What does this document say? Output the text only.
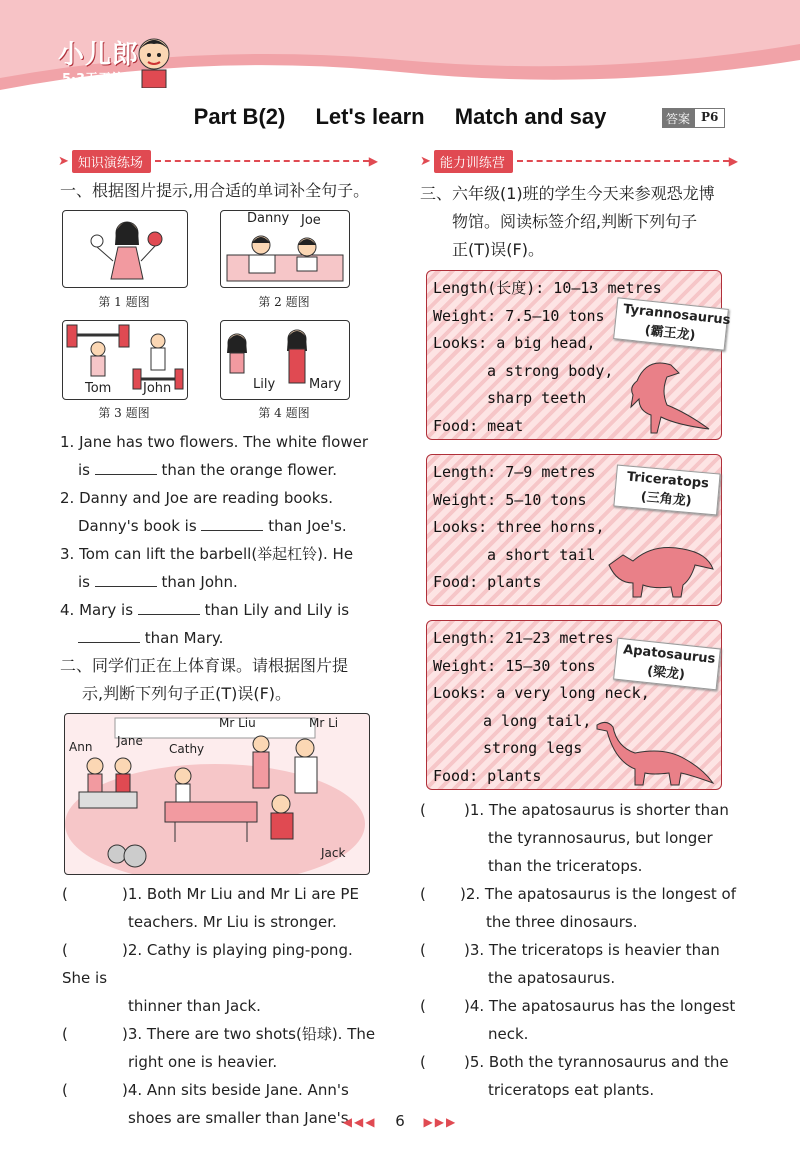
小儿郎
5·3天天练
Part B(2) Let's learn Match and say	答案 P6
➤ 知识演练场	▶
一、根据图片提示,用合适的单词补全句子。
第 1 题图
Danny Joe
第 2 题图
Tom John
第 3 题图
Lily	Mary
第 4 题图
1. Jane has two flowers. The white flower
is	than the orange flower.
2. Danny and Joe are reading books.
Danny's book is	than Joe's.
3. Tom can lift the barbell(举起杠铃). He
is	than John.
4. Mary is	than Lily and Lily is
than Mary.
二、同学们正在上体育课。请根据图片提
示,判断下列句子正(T)误(F)。
Ann Jane
Cathy
Mr Liu	Mr Li
Jack
(	)1. Both Mr Liu and Mr Li are PE
teachers. Mr Liu is stronger.
(	)2. Cathy is playing ping-pong. She is
thinner than Jack.
(	)3. There are two shots(铅球). The
right one is heavier.
(	)4. Ann sits beside Jane. Ann's
shoes are smaller than Jane's.
➤ 能力训练营	▶
三、六年级(1)班的学生今天来参观恐龙博
物馆。阅读标签介绍,判断下列句子
正(T)误(F)。
Length(长度): 10—13 metres
Weight: 7.5—10 tons
Looks: a big head,
a strong body,
sharp teeth
Food: meat
Tyrannosaurus
(霸王龙)
Length: 7—9 metres
Weight: 5—10 tons
Looks: three horns,
a short tail
Food: plants
Triceratops
(三角龙)
Length: 21—23 metres
Weight: 15—30 tons
Looks: a very long neck,
a long tail,
strong legs
Food: plants
Apatosaurus
(梁龙)
(	)1. The apatosaurus is shorter than
the tyrannosaurus, but longer
than the triceratops.
( )2. The apatosaurus is the longest of
the three dinosaurs.
(	)3. The triceratops is heavier than
the apatosaurus.
(	)4. The apatosaurus has the longest
neck.
(	)5. Both the tyrannosaurus and the
triceratops eat plants.
◀◀◀ 6 ▶▶▶
